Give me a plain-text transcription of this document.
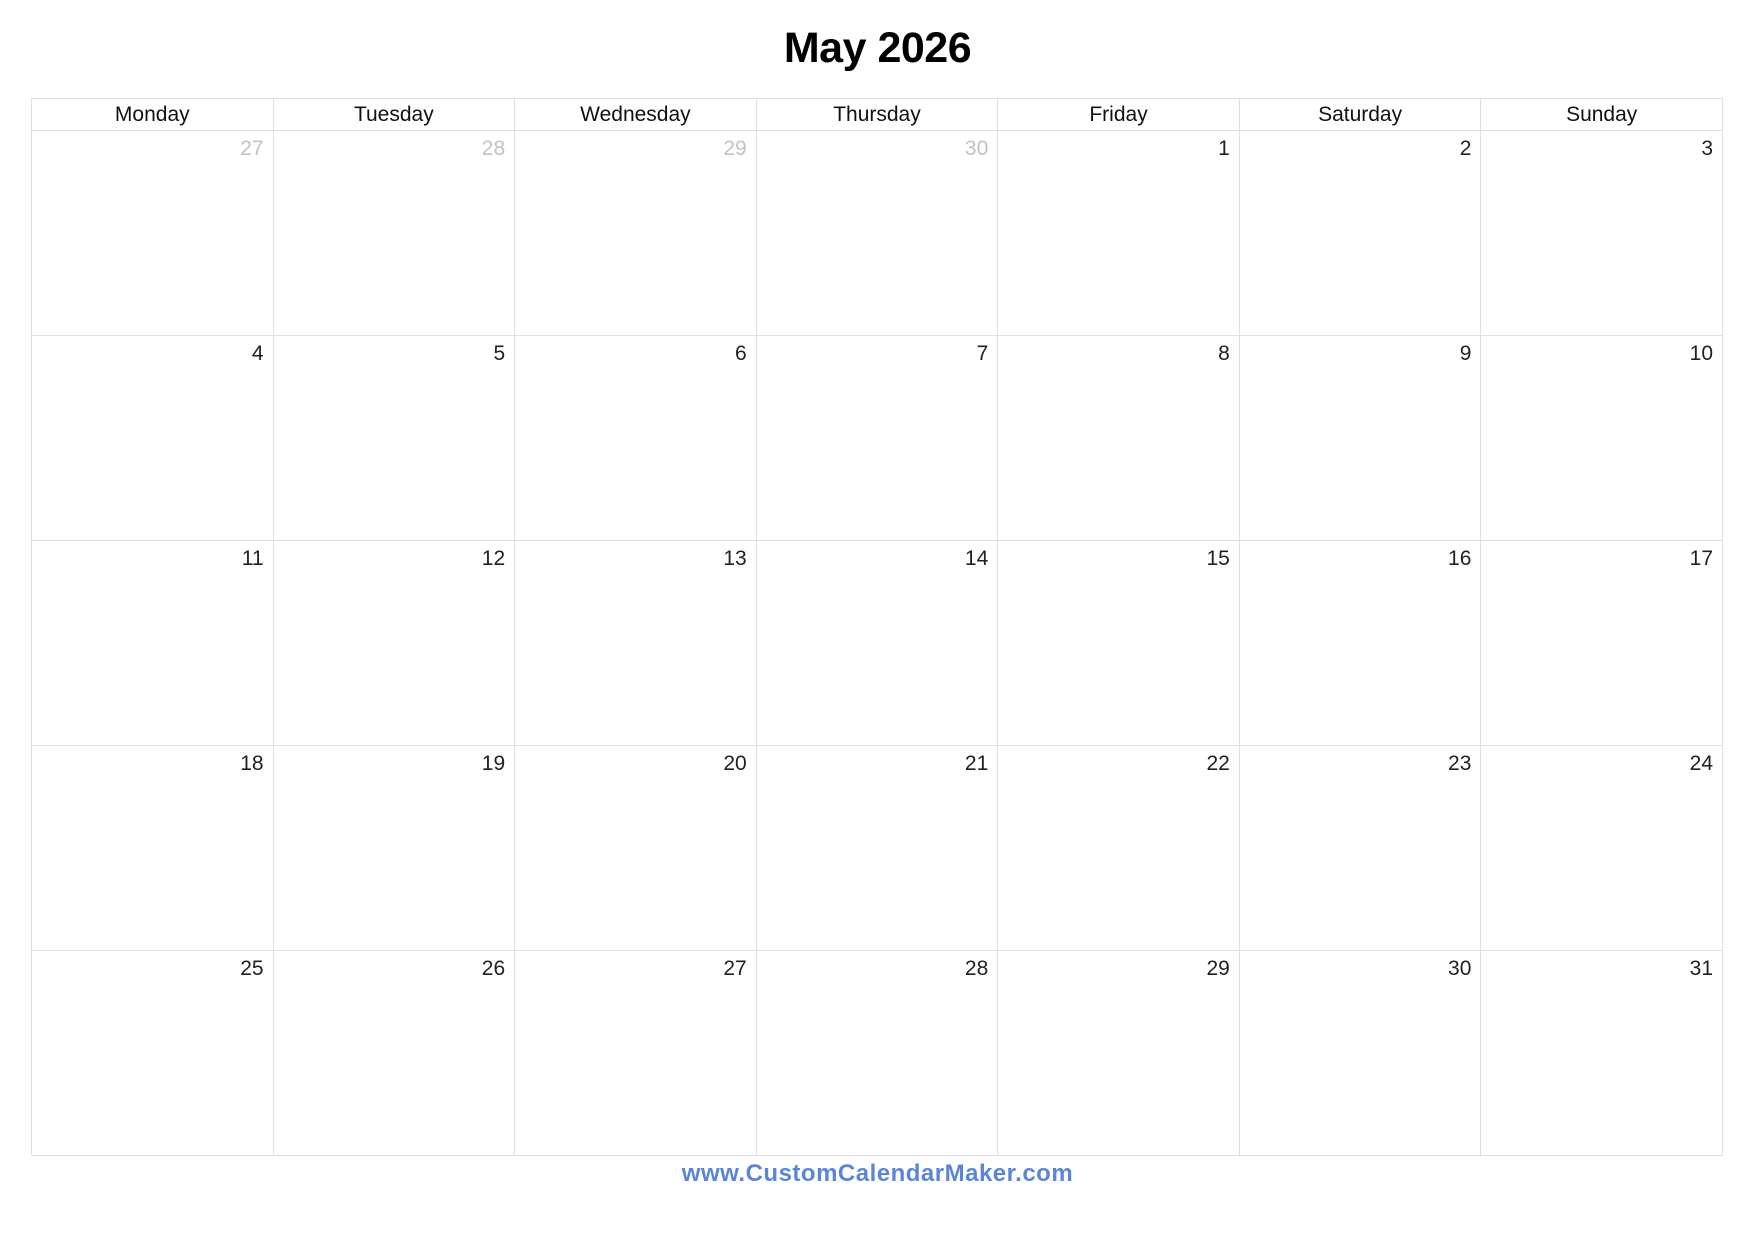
May 2026
Monday	Tuesday	Wednesday	Thursday	Friday	Saturday	Sunday
27	28	29	30	1	2	3
4	5	6	7	8	9	10
11	12	13	14	15	16	17
18	19	20	21	22	23	24
25	26	27	28	29	30	31
www.CustomCalendarMaker.com
